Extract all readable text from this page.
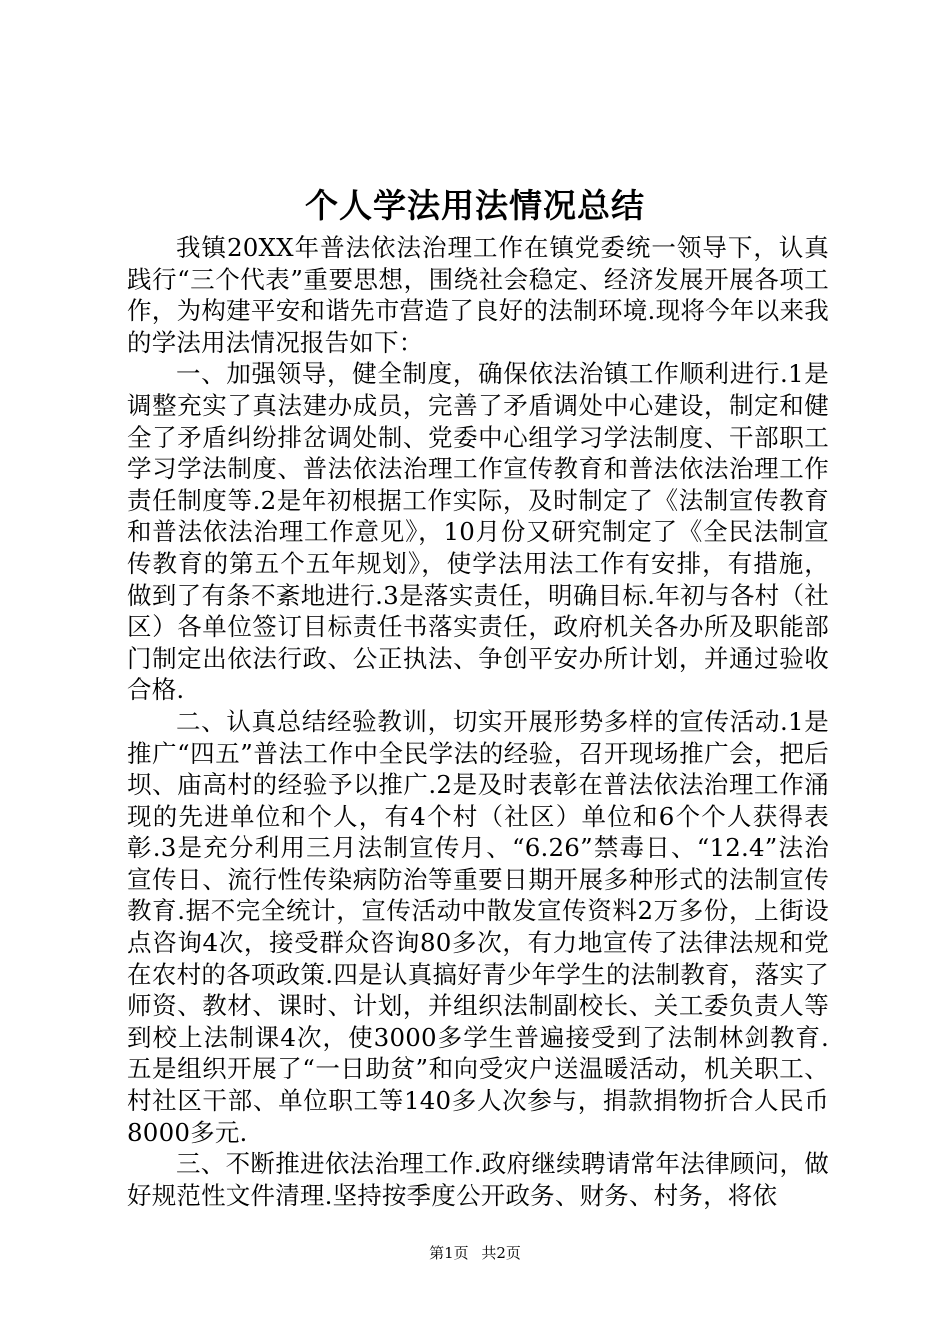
个人学法用法情况总结

我镇20XX年普法依法治理工作在镇党委统一领导下，认真践行“三个代表”重要思想，围绕社会稳定、经济发展开展各项工作，为构建平安和谐先市营造了良好的法制环境.现将今年以来我的学法用法情况报告如下：

一、加强领导，健全制度，确保依法治镇工作顺利进行.1是调整充实了真法建办成员，完善了矛盾调处中心建设，制定和健全了矛盾纠纷排岔调处制、党委中心组学习学法制度、干部职工学习学法制度、普法依法治理工作宣传教育和普法依法治理工作责任制度等.2是年初根据工作实际，及时制定了《法制宣传教育和普法依法治理工作意见》，10月份又研究制定了《全民法制宣传教育的第五个五年规划》，使学法用法工作有安排，有措施，做到了有条不紊地进行.3是落实责任，明确目标.年初与各村（社区）各单位签订目标责任书落实责任，政府机关各办所及职能部门制定出依法行政、公正执法、争创平安办所计划，并通过验收合格.

二、认真总结经验教训，切实开展形势多样的宣传活动.1是推广“四五”普法工作中全民学法的经验，召开现场推广会，把后坝、庙高村的经验予以推广.2是及时表彰在普法依法治理工作涌现的先进单位和个人，有4个村（社区）单位和6个个人获得表彰.3是充分利用三月法制宣传月、“6.26”禁毒日、“12.4”法治宣传日、流行性传染病防治等重要日期开展多种形式的法制宣传教育.据不完全统计，宣传活动中散发宣传资料2万多份，上街设点咨询4次，接受群众咨询80多次，有力地宣传了法律法规和党在农村的各项政策.四是认真搞好青少年学生的法制教育，落实了师资、教材、课时、计划，并组织法制副校长、关工委负责人等到校上法制课4次，使3000多学生普遍接受到了法制林剑教育.五是组织开展了“一日助贫”和向受灾户送温暖活动，机关职工、村社区干部、单位职工等140多人次参与，捐款捐物折合人民币8000多元.

三、不断推进依法治理工作.政府继续聘请常年法律顾问，做好规范性文件清理.坚持按季度公开政务、财务、村务，将依

第1页 共2页
